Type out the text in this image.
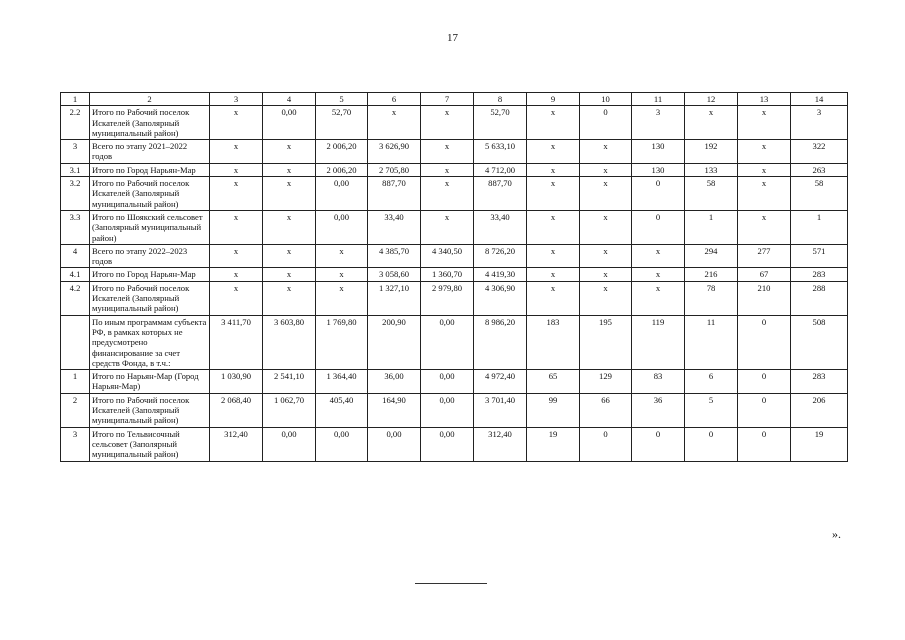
17
1	2	3	4	5	6	7	8	9	10	11	12	13	14
2.2	Итого по Рабочий поселок Искателей (Заполярный муниципальный район)	x	0,00	52,70	x	x	52,70	x	0	3	x	x	3
3	Всего по этапу 2021–2022 годов	x	x	2 006,20	3 626,90	x	5 633,10	x	x	130	192	x	322
3.1	Итого по Город Нарьян-Мар	x	x	2 006,20	2 705,80	x	4 712,00	x	x	130	133	x	263
3.2	Итого по Рабочий поселок Искателей (Заполярный муниципальный район)	x	x	0,00	887,70	x	887,70	x	x	0	58	x	58
3.3	Итого по Шоякский сельсовет (Заполярный муниципальный район)	x	x	0,00	33,40	x	33,40	x	x	0	1	x	1
4	Всего по этапу 2022–2023 годов	x	x	x	4 385,70	4 340,50	8 726,20	x	x	x	294	277	571
4.1	Итого по Город Нарьян-Мар	x	x	x	3 058,60	1 360,70	4 419,30	x	x	x	216	67	283
4.2	Итого по Рабочий поселок Искателей (Заполярный муниципальный район)	x	x	x	1 327,10	2 979,80	4 306,90	x	x	x	78	210	288
	По иным программам субъекта РФ, в рамках которых не предусмотрено финансирование за счет средств Фонда, в т.ч.:	3 411,70	3 603,80	1 769,80	200,90	0,00	8 986,20	183	195	119	11	0	508
1	Итого по Нарьян-Мар (Город Нарьян-Мар)	1 030,90	2 541,10	1 364,40	36,00	0,00	4 972,40	65	129	83	6	0	283
2	Итого по Рабочий поселок Искателей (Заполярный муниципальный район)	2 068,40	1 062,70	405,40	164,90	0,00	3 701,40	99	66	36	5	0	206
3	Итого по Тельвисочный сельсовет (Заполярный муниципальный район)	312,40	0,00	0,00	0,00	0,00	312,40	19	0	0	0	0	19
».
